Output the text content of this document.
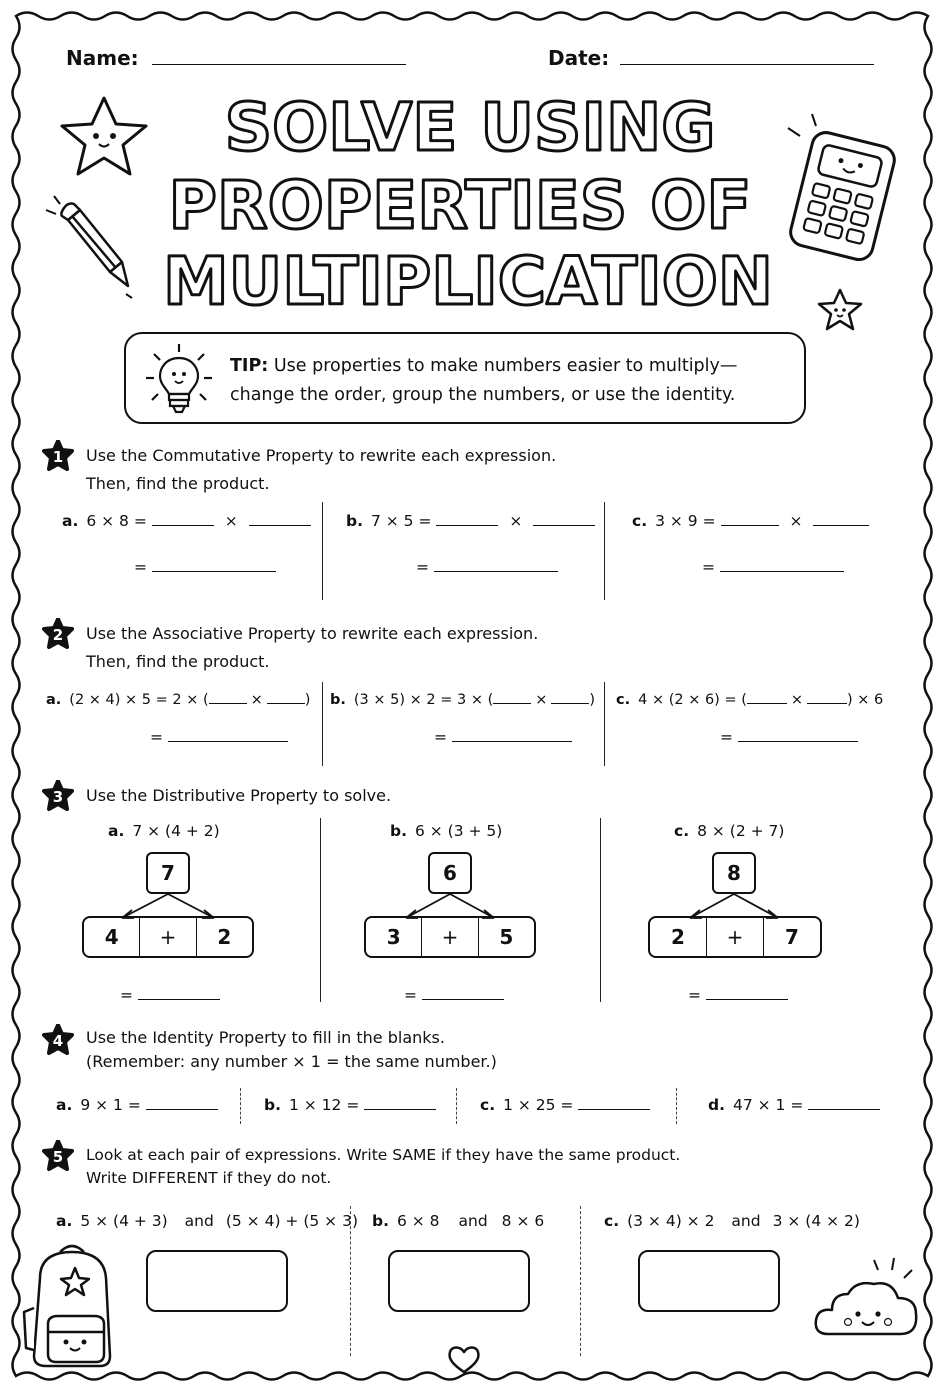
Name:	Date:
SOLVE USING
PROPERTIES OF
MULTIPLICATION
TIP: Use properties to make numbers easier to multiply—
change the order, group the numbers, or use the identity.
1 Use the Commutative Property to rewrite each expression.
Then, find the product.
a. 6 × 8 =	×
=
b. 7 × 5 =	×
=
c. 3 × 9 =	×
=
2 Use the Associative Property to rewrite each expression.
Then, find the product.
a. (2 × 4) × 5 = 2 × (	×	)
=
b. (3 × 5) × 2 = 3 × (	×	)
=
c. 4 × (2 × 6) = (	×	) × 6
=
3 Use the Distributive Property to solve.
a. 7 × (4 + 2)
7
4	+	2
=
b. 6 × (3 + 5)
6
3	+	5
=
c. 8 × (2 + 7)
8
2	+	7
=
4 Use the Identity Property to fill in the blanks.
(Remember: any number × 1 = the same number.)
a. 9 × 1 =	b. 1 × 12 =	c. 1 × 25 =	d. 47 × 1 =
5 Look at each pair of expressions. Write SAME if they have the same product.
Write DIFFERENT if they do not.
a. 5 × (4 + 3) and (5 × 4) + (5 × 3) b. 6 × 8 and 8 × 6	c. (3 × 4) × 2 and 3 × (4 × 2)
